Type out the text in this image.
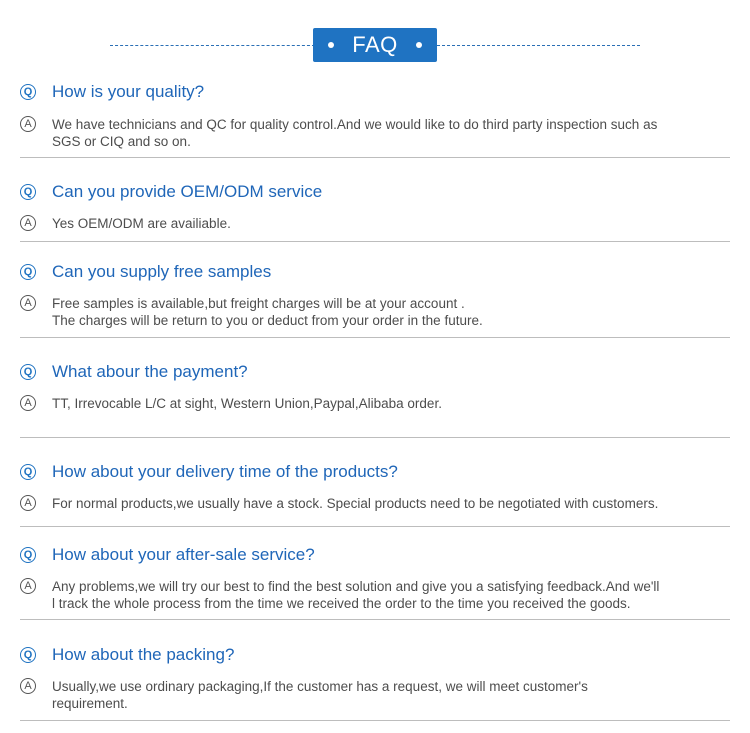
FAQ
Q How is your quality?
A	We have technicians and QC for quality control.And we would like to do third party inspection such as
SGS or CIQ and so on.
Q Can you provide OEM/ODM service
A	Yes OEM/ODM are availiable.
Q Can you supply free samples
A	Free samples is available,but freight charges will be at your account .
The charges will be return to you or deduct from your order in the future.
Q What abour the payment?
A	TT, Irrevocable L/C at sight, Western Union,Paypal,Alibaba order.
Q How about your delivery time of the products?
A	For normal products,we usually have a stock. Special products need to be negotiated with customers.
Q How about your after-sale service?
A	Any problems,we will try our best to find the best solution and give you a satisfying feedback.And we'll
l track the whole process from the time we received the order to the time you received the goods.
Q How about the packing?
A	Usually,we use ordinary packaging,If the customer has a request, we will meet customer's
requirement.
